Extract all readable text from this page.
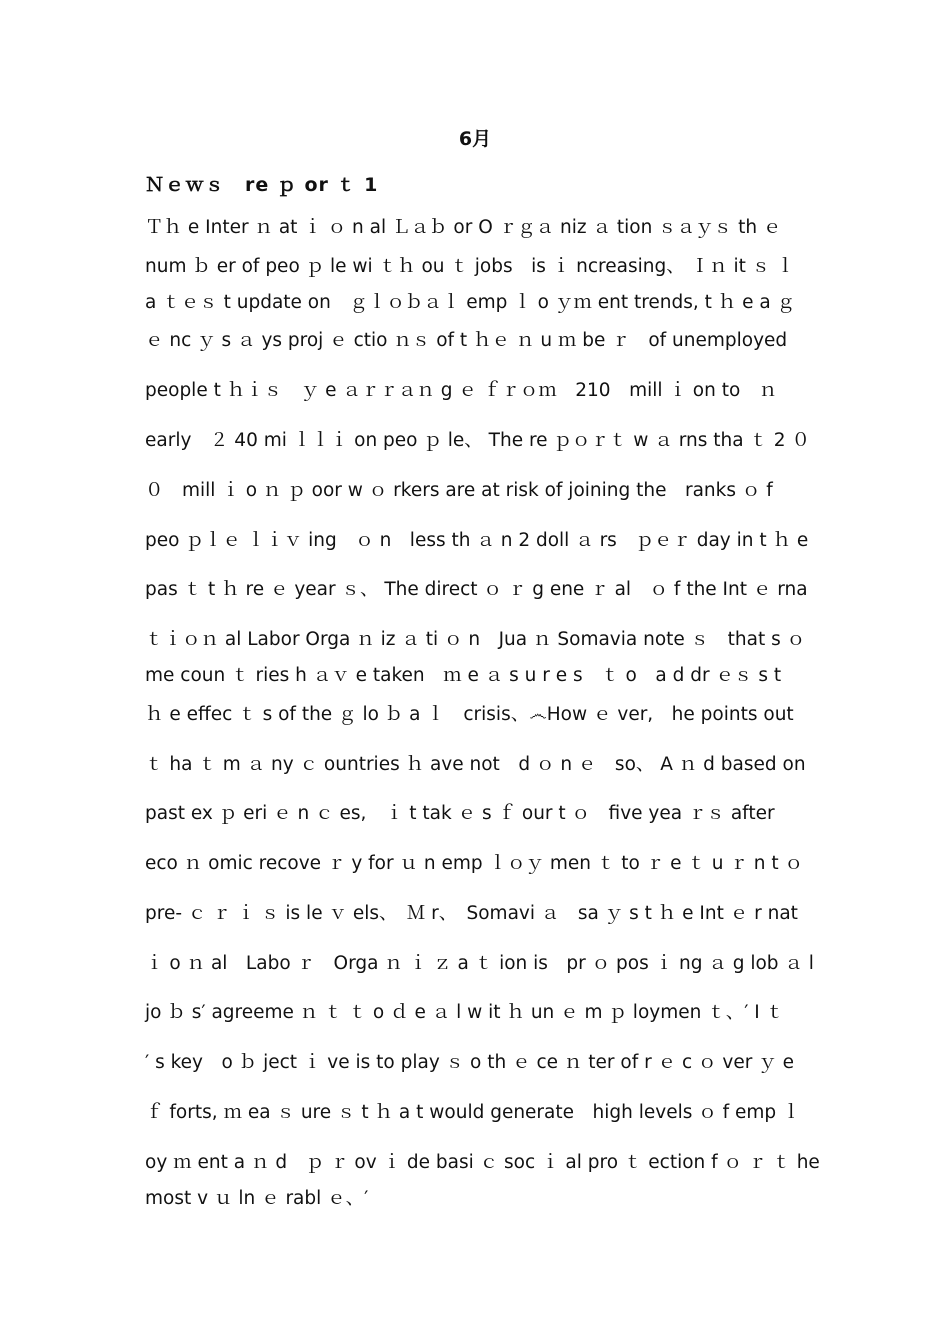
6月
Ｎｅｗｓ　re ｐ or ｔ 1
Ｔｈ e Inter ｎ at ｉ ｏ n al Ｌａｂ or O ｒｇａ niz ａ tion ｓａｙｓ th ｅ
num ｂ er of peo ｐ le wi ｔｈ ou ｔ jobs　is ｉ ncreasing、 Ｉｎ it ｓ ｌ
a ｔｅｓ t update on　ｇｌｏｂａｌ emp ｌ o ｙｍ ent trends, t ｈ e a ｇ
ｅ nc ｙ s ａ ys proj ｅ ctio ｎｓ of t ｈｅ ｎ u ｍ be ｒ　of unemployed
people t ｈｉｓ　ｙ e ａｒｒａｎ g ｅ ｆｒｏｍ　210　mill ｉ on to　ｎ
early　２ 40 mi ｌｌｉ on peo ｐ le、 The re ｐｏｒｔ w ａ rns tha ｔ 2 ０
０　mill ｉ o ｎ ｐ oor w ｏ rkers are at risk of joining the　ranks ｏ f
peo ｐｌｅ ｌｉｖ ing　ｏ n　less th ａ n 2 doll ａ rs　ｐｅｒ day in t ｈ e
pas ｔ t ｈ re ｅ year ｓ、 The direct ｏ ｒ g ene ｒ al　ｏ f the Int ｅ rna
ｔｉｏｎ al Labor Orga ｎ iz ａ ti ｏ n　Jua ｎ Somavia note ｓ　that s ｏ
me coun ｔ ries h ａｖ e taken　ｍ e ａ s u r e s　ｔ o　a d dr ｅｓ s t
ｈ e effec ｔ s of the ｇ lo ｂ a ｌ　crisis、෴How ｅ ver,　he points out
ｔ ha ｔ m ａ ny ｃ ountries ｈ ave not　d ｏ n ｅ　so、 A ｎ d based on
past ex ｐ eri ｅ n ｃ es,　ｉ t tak ｅ s ｆ our t ｏ　five yea ｒｓ after
eco ｎ omic recove ｒ y for ｕ n emp ｌｏｙ men ｔ to ｒ e ｔ u ｒ n t ｏ
pre- ｃ ｒ ｉ ｓ is le ｖ els、　Ｍ r、　Somavi ａ　sa ｙ s t ｈ e Int ｅ r nat
ｉ o ｎ al　Labo ｒ　Orga ｎ ｉ ｚ a ｔ ion is　pr ｏ pos ｉ ng ａ g lob ａ l
jo ｂ s′ agreeme ｎ ｔ ｔ o ｄ e ａ l w it ｈ un ｅ m ｐ loymen ｔ、′ I ｔ
′ s key　o ｂ ject ｉ ve is to play ｓ o th ｅ ce ｎ ter of r ｅ c ｏ ver ｙ e
ｆ forts, ｍ ea ｓ ure ｓ t ｈ a t would generate　high levels ｏ f emp ｌ
oy ｍ ent a ｎ d　ｐ ｒ ov ｉ de basi ｃ soc ｉ al pro ｔ ection f ｏ ｒ ｔ he
most v ｕ ln ｅ rabl ｅ、′
